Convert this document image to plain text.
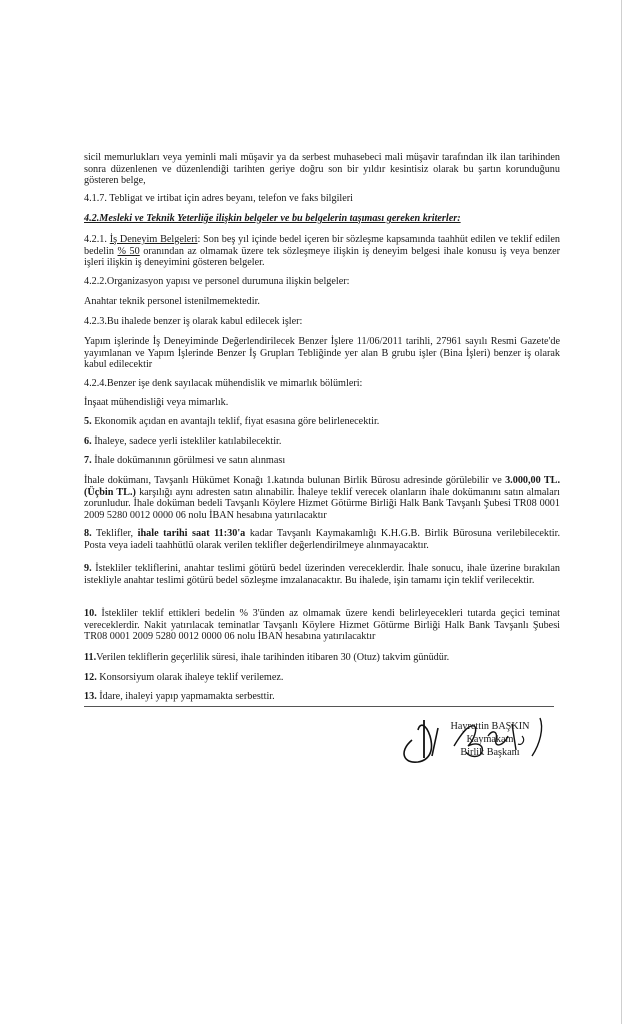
sicil memurlukları veya yeminli mali müşavir ya da serbest muhasebeci mali müşavir tarafından ilk ilan tarihinden sonra düzenlenen ve düzenlendiği tarihten geriye doğru son bir yıldır kesintisiz olarak bu şartın korunduğunu gösteren belge,
4.1.7. Tebligat ve irtibat için adres beyanı, telefon ve faks bilgileri
4.2.Mesleki ve Teknik Yeterliğe ilişkin belgeler ve bu belgelerin taşıması gereken kriterler:
4.2.1. İş Deneyim Belgeleri: Son beş yıl içinde bedel içeren bir sözleşme kapsamında taahhüt edilen ve teklif edilen bedelin % 50 oranından az olmamak üzere tek sözleşmeye ilişkin iş deneyim belgesi ihale konusu iş veya benzer işleri ilişkin iş deneyimini gösteren belgeler.
4.2.2.Organizasyon yapısı ve personel durumuna ilişkin belgeler:
Anahtar teknik personel istenilmemektedir.
4.2.3.Bu ihalede benzer iş olarak kabul edilecek işler:
Yapım işlerinde İş Deneyiminde Değerlendirilecek Benzer İşlere 11/06/2011 tarihli, 27961 sayılı Resmi Gazete'de yayımlanan ve Yapım İşlerinde Benzer İş Grupları Tebliğinde yer alan B grubu işler (Bina İşleri) benzer iş olarak kabul edilecektir
4.2.4.Benzer işe denk sayılacak mühendislik ve mimarlık bölümleri:
İnşaat mühendisliği veya mimarlık.
5. Ekonomik açıdan en avantajlı teklif, fiyat esasına göre belirlenecektir.
6. İhaleye, sadece yerli istekliler katılabilecektir.
7. İhale dokümanının görülmesi ve satın alınması
İhale dokümanı, Tavşanlı Hükümet Konağı 1.katında bulunan Birlik Bürosu adresinde görülebilir ve 3.000,00 TL. (Üçbin TL.) karşılığı aynı adresten satın alınabilir. İhaleye teklif verecek olanların ihale dokümanını satın almaları zorunludur. İhale doküman bedeli Tavşanlı Köylere Hizmet Götürme Birliği Halk Bank Tavşanlı Şubesi TR08 0001 2009 5280 0012 0000 06 nolu İBAN hesabına yatırılacaktır
8. Teklifler, ihale tarihi saat 11:30'a kadar Tavşanlı Kaymakamlığı K.H.G.B. Birlik Bürosuna verilebilecektir. Posta veya iadeli taahhütlü olarak verilen teklifler değerlendirilmeye alınmayacaktır.
9. İstekliler tekliflerini, anahtar teslimi götürü bedel üzerinden vereceklerdir. İhale sonucu, ihale üzerine bırakılan istekliyle anahtar teslimi götürü bedel sözleşme imzalanacaktır. Bu ihalede, işin tamamı için teklif verilecektir.
10. İstekliler teklif ettikleri bedelin % 3'ünden az olmamak üzere kendi belirleyecekleri tutarda geçici teminat vereceklerdir. Nakit yatırılacak teminatlar Tavşanlı Köylere Hizmet Götürme Birliği Halk Bank Tavşanlı Şubesi TR08 0001 2009 5280 0012 0000 06 nolu İBAN hesabına yatırılacaktır
11.Verilen tekliflerin geçerlilik süresi, ihale tarihinden itibaren 30 (Otuz) takvim günüdür.
12. Konsorsiyum olarak ihaleye teklif verilemez.
13. İdare, ihaleyi yapıp yapmamakta serbesttir.
Hayrettin BAŞKIN
Kaymakam
Birlik Başkanı
